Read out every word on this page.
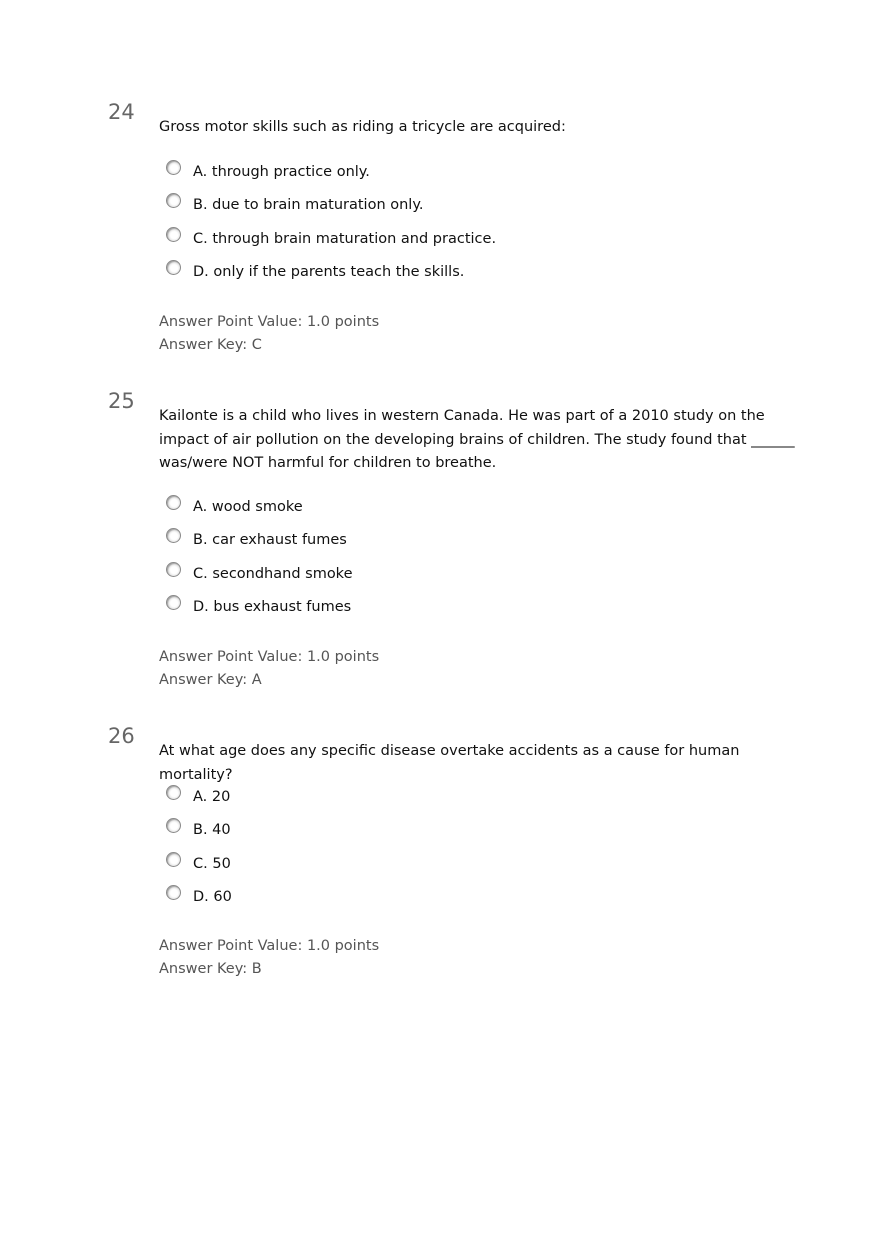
24

Gross motor skills such as riding a tricycle are acquired:

A. through practice only.
B. due to brain maturation only.
C. through brain maturation and practice.
D. only if the parents teach the skills.
Answer Point Value: 1.0 points
Answer Key: C
25

Kailonte is a child who lives in western Canada. He was part of a 2010 study on the impact of air pollution on the developing brains of children. The study found that ______ was/were NOT harmful for children to breathe.

A. wood smoke
B. car exhaust fumes
C. secondhand smoke
D. bus exhaust fumes
Answer Point Value: 1.0 points
Answer Key: A
26

At what age does any specific disease overtake accidents as a cause for human mortality?

A. 20
B. 40
C. 50
D. 60
Answer Point Value: 1.0 points
Answer Key: B
